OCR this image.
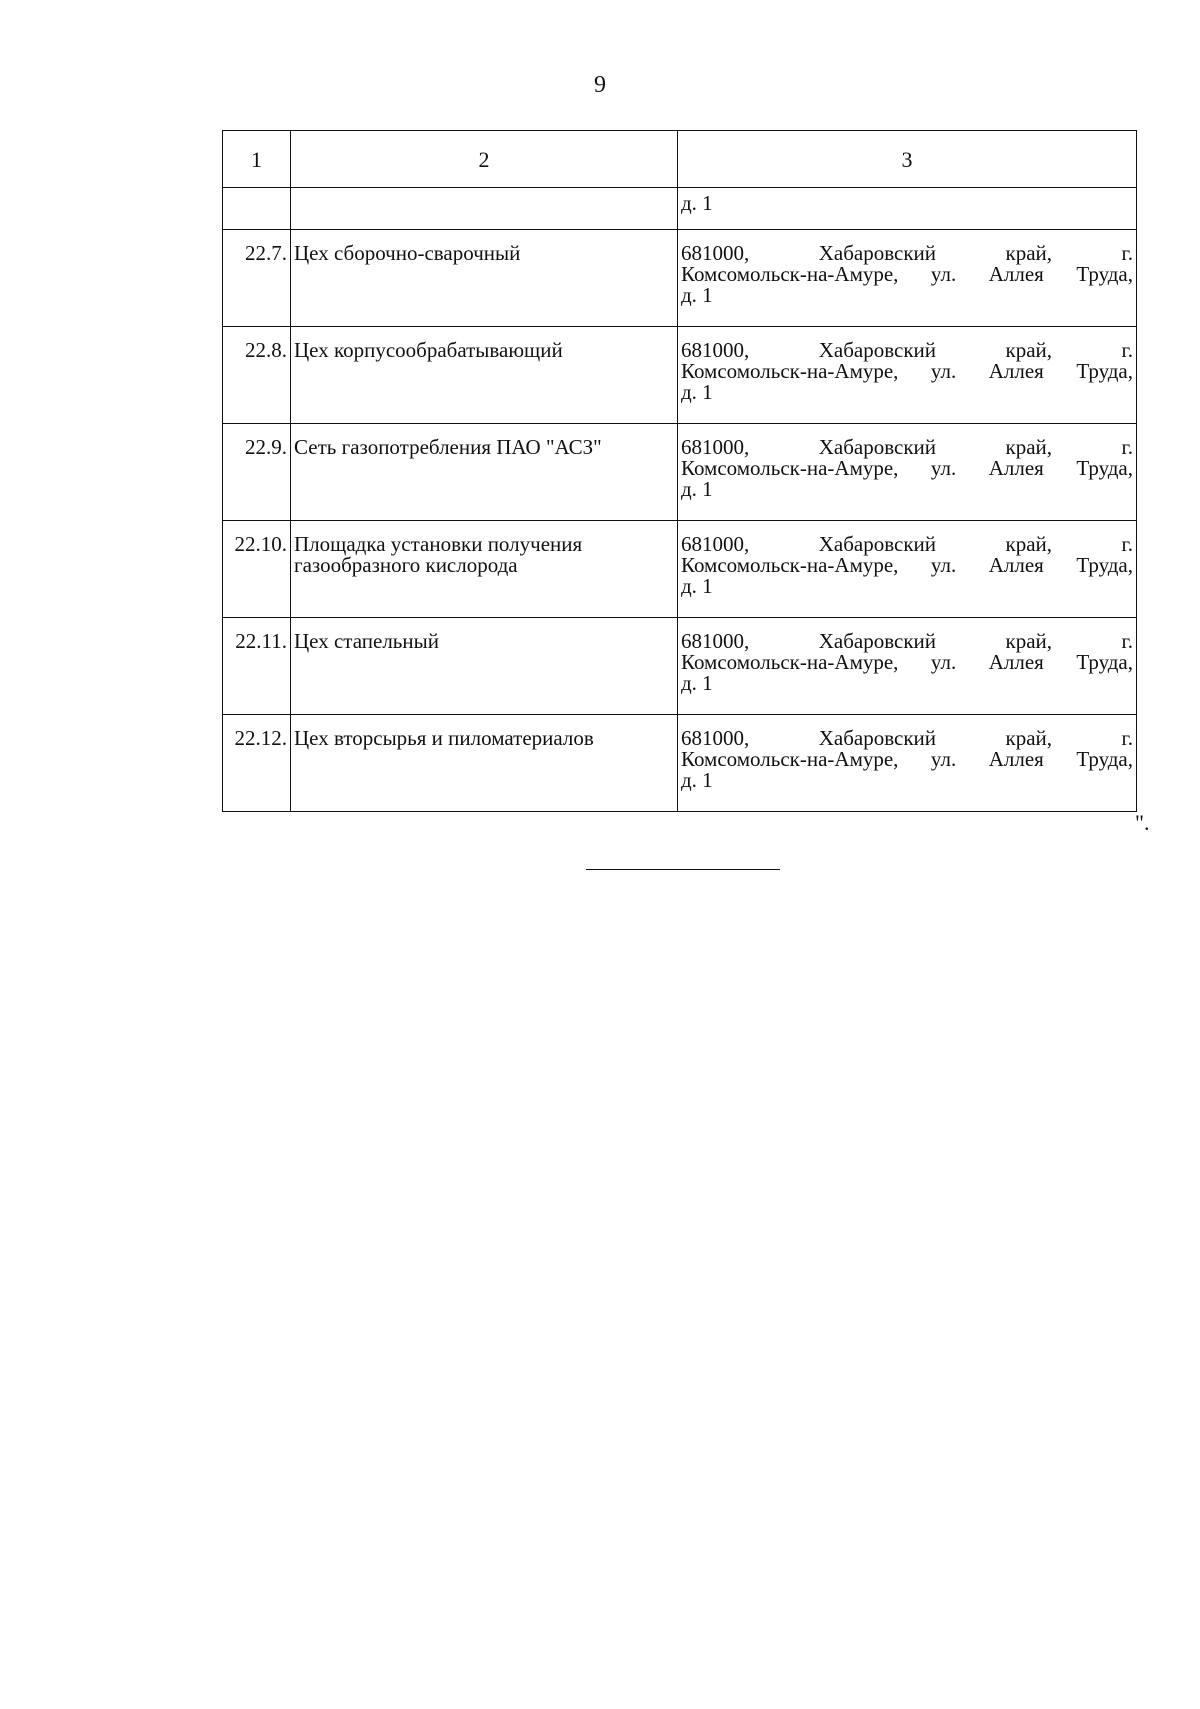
9
1	2	3
		д. 1
22.7.	Цех сборочно-сварочный	681000, Хабаровский край, г.
Комсомольск-на-Амуре, ул. Аллея Труда,
д. 1

22.8.	Цех корпусообрабатывающий	681000, Хабаровский край, г.
Комсомольск-на-Амуре, ул. Аллея Труда,
д. 1

22.9.	Сеть газопотребления ПАО "АСЗ"	681000, Хабаровский край, г.
Комсомольск-на-Амуре, ул. Аллея Труда,
д. 1

22.10.	Площадка установки получения газообразного кислорода	681000, Хабаровский край, г.
Комсомольск-на-Амуре, ул. Аллея Труда,
д. 1

22.11.	Цех стапельный	681000, Хабаровский край, г.
Комсомольск-на-Амуре, ул. Аллея Труда,
д. 1

22.12.	Цех вторсырья и пиломатериалов	681000, Хабаровский край, г.
Комсомольск-на-Амуре, ул. Аллея Труда,
д. 1
".
